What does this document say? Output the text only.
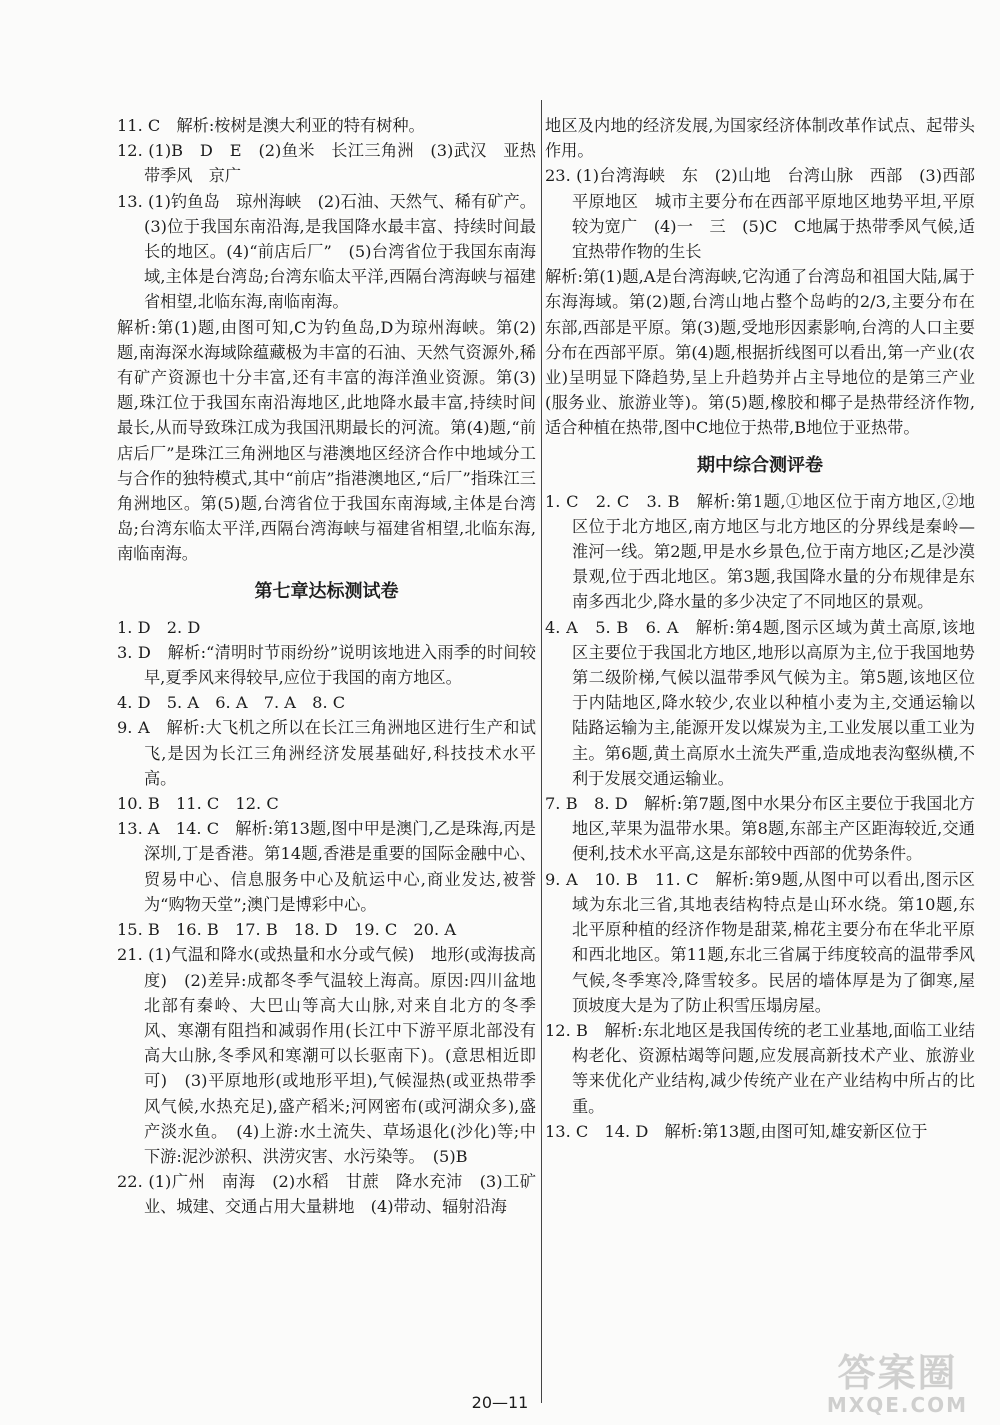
11. C　解析:桉树是澳大利亚的特有树种。
12. (1)B　D　E　(2)鱼米　长江三角洲　(3)武汉　亚热带季风　京广
13. (1)钓鱼岛　琼州海峡　(2)石油、天然气、稀有矿产。(3)位于我国东南沿海,是我国降水最丰富、持续时间最长的地区。(4)“前店后厂”　(5)台湾省位于我国东南海域,主体是台湾岛;台湾东临太平洋,西隔台湾海峡与福建省相望,北临东海,南临南海。
解析:第(1)题,由图可知,C为钓鱼岛,D为琼州海峡。第(2)题,南海深水海域除蕴藏极为丰富的石油、天然气资源外,稀有矿产资源也十分丰富,还有丰富的海洋渔业资源。第(3)题,珠江位于我国东南沿海地区,此地降水最丰富,持续时间最长,从而导致珠江成为我国汛期最长的河流。第(4)题,“前店后厂”是珠江三角洲地区与港澳地区经济合作中地域分工与合作的独特模式,其中“前店”指港澳地区,“后厂”指珠江三角洲地区。第(5)题,台湾省位于我国东南海域,主体是台湾岛;台湾东临太平洋,西隔台湾海峡与福建省相望,北临东海,南临南海。
第七章达标测试卷
1. D　2. D
3. D　解析:“清明时节雨纷纷”说明该地进入雨季的时间较早,夏季风来得较早,应位于我国的南方地区。
4. D　5. A　6. A　7. A　8. C
9. A　解析:大飞机之所以在长江三角洲地区进行生产和试飞,是因为长江三角洲经济发展基础好,科技技术水平高。
10. B　11. C　12. C
13. A　14. C　解析:第13题,图中甲是澳门,乙是珠海,丙是深圳,丁是香港。第14题,香港是重要的国际金融中心、贸易中心、信息服务中心及航运中心,商业发达,被誉为“购物天堂”;澳门是博彩中心。
15. B　16. B　17. B　18. D　19. C　20. A
21. (1)气温和降水(或热量和水分或气候)　地形(或海拔高度)　(2)差异:成都冬季气温较上海高。原因:四川盆地北部有秦岭、大巴山等高大山脉,对来自北方的冬季风、寒潮有阻挡和减弱作用(长江中下游平原北部没有高大山脉,冬季风和寒潮可以长驱南下)。(意思相近即可)　(3)平原地形(或地形平坦),气候湿热(或亚热带季风气候,水热充足),盛产稻米;河网密布(或河湖众多),盛产淡水鱼。　(4)上游:水土流失、草场退化(沙化)等;中下游:泥沙淤积、洪涝灾害、水污染等。　(5)B
22. (1)广州　南海　(2)水稻　甘蔗　降水充沛　(3)工矿业、城建、交通占用大量耕地　(4)带动、辐射沿海
地区及内地的经济发展,为国家经济体制改革作试点、起带头作用。
23. (1)台湾海峡　东　(2)山地　台湾山脉　西部　(3)西部平原地区　城市主要分布在西部平原地区地势平坦,平原较为宽广　(4)一　三　(5)C　C地属于热带季风气候,适宜热带作物的生长
解析:第(1)题,A是台湾海峡,它沟通了台湾岛和祖国大陆,属于东海海域。第(2)题,台湾山地占整个岛屿的2/3,主要分布在东部,西部是平原。第(3)题,受地形因素影响,台湾的人口主要分布在西部平原。第(4)题,根据折线图可以看出,第一产业(农业)呈明显下降趋势,呈上升趋势并占主导地位的是第三产业(服务业、旅游业等)。第(5)题,橡胶和椰子是热带经济作物,适合种植在热带,图中C地位于热带,B地位于亚热带。
期中综合测评卷
1. C　2. C　3. B　解析:第1题,①地区位于南方地区,②地区位于北方地区,南方地区与北方地区的分界线是秦岭—淮河一线。第2题,甲是水乡景色,位于南方地区;乙是沙漠景观,位于西北地区。第3题,我国降水量的分布规律是东南多西北少,降水量的多少决定了不同地区的景观。
4. A　5. B　6. A　解析:第4题,图示区域为黄土高原,该地区主要位于我国北方地区,地形以高原为主,位于我国地势第二级阶梯,气候以温带季风气候为主。第5题,该地区位于内陆地区,降水较少,农业以种植小麦为主,交通运输以陆路运输为主,能源开发以煤炭为主,工业发展以重工业为主。第6题,黄土高原水土流失严重,造成地表沟壑纵横,不利于发展交通运输业。
7. B　8. D　解析:第7题,图中水果分布区主要位于我国北方地区,苹果为温带水果。第8题,东部主产区距海较近,交通便利,技术水平高,这是东部较中西部的优势条件。
9. A　10. B　11. C　解析:第9题,从图中可以看出,图示区域为东北三省,其地表结构特点是山环水绕。第10题,东北平原种植的经济作物是甜菜,棉花主要分布在华北平原和西北地区。第11题,东北三省属于纬度较高的温带季风气候,冬季寒冷,降雪较多。民居的墙体厚是为了御寒,屋顶坡度大是为了防止积雪压塌房屋。
12. B　解析:东北地区是我国传统的老工业基地,面临工业结构老化、资源枯竭等问题,应发展高新技术产业、旅游业等来优化产业结构,减少传统产业在产业结构中所占的比重。
13. C　14. D　解析:第13题,由图可知,雄安新区位于
20—11
答案圈
MXQE.COM
